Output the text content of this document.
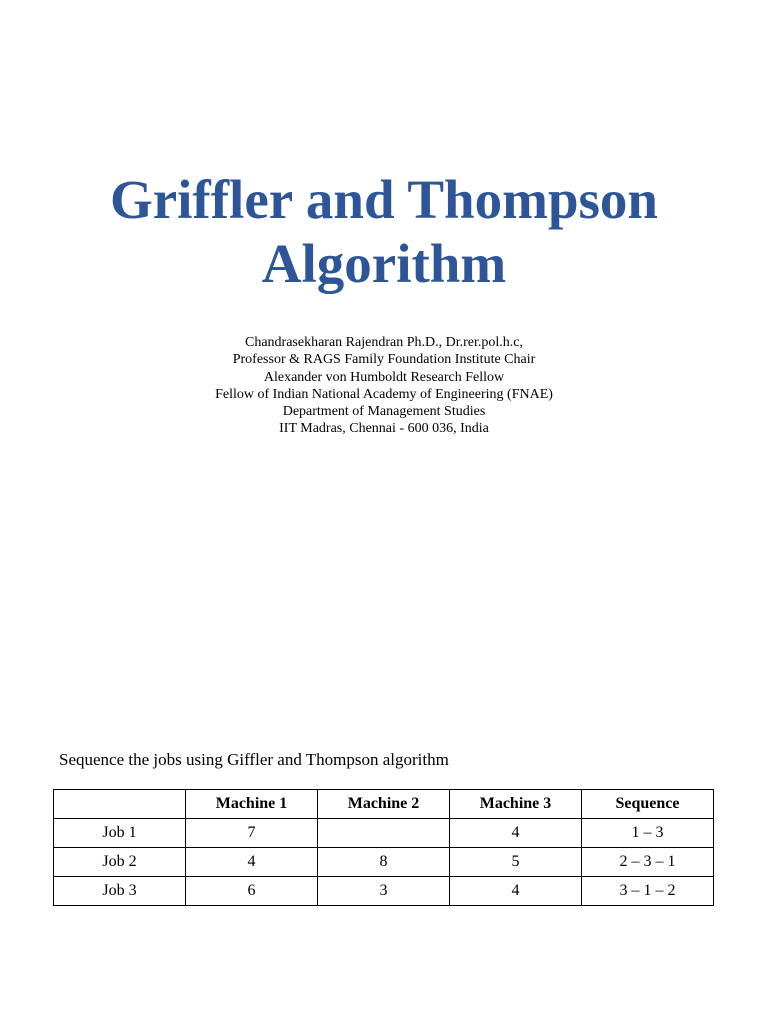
Griffler and Thompson
Algorithm
Chandrasekharan Rajendran Ph.D., Dr.rer.pol.h.c,
Professor & RAGS Family Foundation Institute Chair
Alexander von Humboldt Research Fellow
Fellow of Indian National Academy of Engineering (FNAE)
Department of Management Studies
IIT Madras, Chennai - 600 036, India
Sequence the jobs using Giffler and Thompson algorithm
	Machine 1	Machine 2	Machine 3	Sequence
Job 1	7		4	1 – 3
Job 2	4	8	5	2 – 3 – 1
Job 3	6	3	4	3 – 1 – 2
